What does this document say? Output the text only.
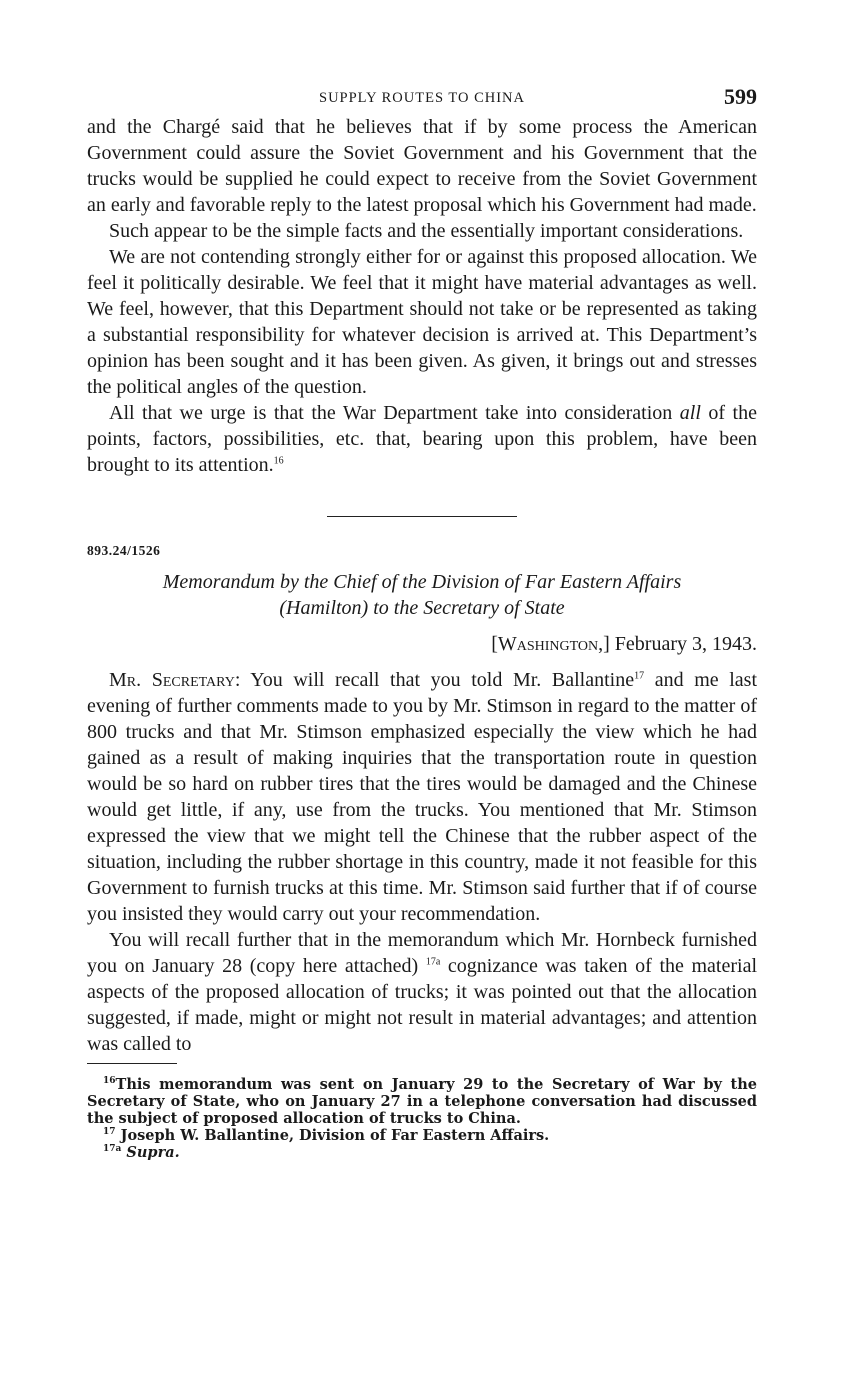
SUPPLY ROUTES TO CHINA	599

and the Chargé said that he believes that if by some process the American Government could assure the Soviet Government and his Government that the trucks would be supplied he could expect to receive from the Soviet Government an early and favorable reply to the latest proposal which his Government had made.

Such appear to be the simple facts and the essentially important considerations.

We are not contending strongly either for or against this proposed allocation. We feel it politically desirable. We feel that it might have material advantages as well. We feel, however, that this Department should not take or be represented as taking a substantial responsibility for whatever decision is arrived at. This Department’s opinion has been sought and it has been given. As given, it brings out and stresses the political angles of the question.

All that we urge is that the War Department take into consideration all of the points, factors, possibilities, etc. that, bearing upon this problem, have been brought to its attention.$^{16}$

893.24/1526
Memorandum by the Chief of the Division of Far Eastern Affairs
(Hamilton) to the Secretary of State
[Washington,] February 3, 1943.

Mr. Secretary: You will recall that you told Mr. Ballantine$^{17}$ and me last evening of further comments made to you by Mr. Stimson in regard to the matter of 800 trucks and that Mr. Stimson emphasized especially the view which he had gained as a result of making inquiries that the transportation route in question would be so hard on rubber tires that the tires would be damaged and the Chinese would get little, if any, use from the trucks. You mentioned that Mr. Stimson expressed the view that we might tell the Chinese that the rubber aspect of the situation, including the rubber shortage in this country, made it not feasible for this Government to furnish trucks at this time. Mr. Stimson said further that if of course you insisted they would carry out your recommendation.

You will recall further that in the memorandum which Mr. Hornbeck furnished you on January 28 (copy here attached) $^{17a}$ cognizance was taken of the material aspects of the proposed allocation of trucks; it was pointed out that the allocation suggested, if made, might or might not result in material advantages; and attention was called to

$^{16}$This memorandum was sent on January 29 to the Secretary of War by the Secretary of State, who on January 27 in a telephone conversation had discussed the subject of proposed allocation of trucks to China.

$^{17}$ Joseph W. Ballantine, Division of Far Eastern Affairs.

$^{17a}$ Supra.
